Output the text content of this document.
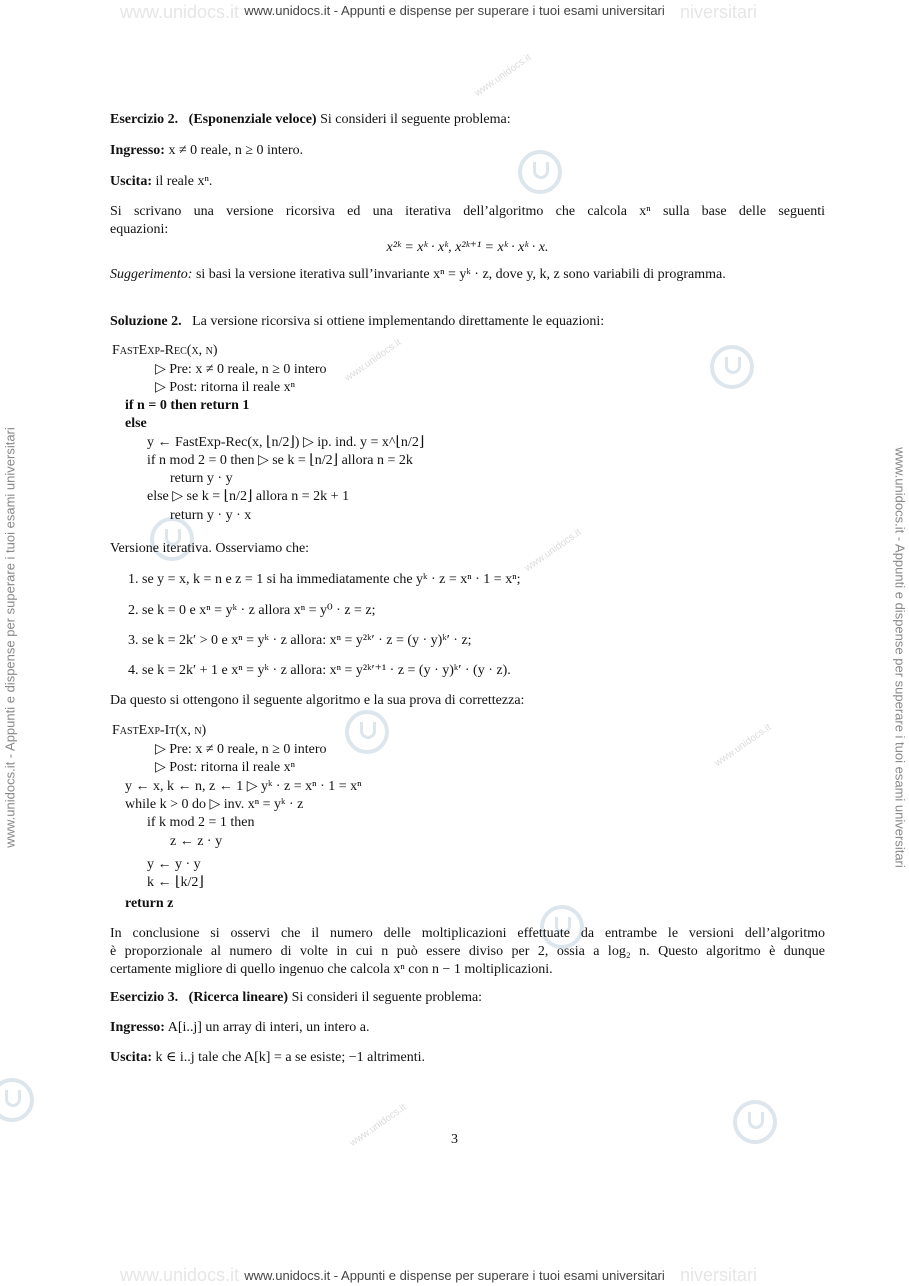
www.unidocs.it	niversitari
www.unidocs.it - Appunti e dispense per superare i tuoi esami universitari
www.unidocs.it	niversitari
www.unidocs.it - Appunti e dispense per superare i tuoi esami universitari
www.unidocs.it - Appunti e dispense per superare i tuoi esami universitari	www.unidocs.it - Appunti e dispense per superare i tuoi esami universitari
www.unidocs.it
www.unidocs.it
www.unidocs.it
www.unidocs.it
www.unidocs.it
Esercizio 2. (Esponenziale veloce) Si consideri il seguente problema:
Ingresso: x ≠ 0 reale, n ≥ 0 intero.
Uscita: il reale xⁿ.
Si scrivano una versione ricorsiva ed una iterativa dell’algoritmo che calcola xⁿ sulla base delle seguenti
equazioni:
x²ᵏ = xᵏ · xᵏ, x²ᵏ⁺¹ = xᵏ · xᵏ · x.
Suggerimento: si basi la versione iterativa sull’invariante xⁿ = yᵏ · z, dove y, k, z sono variabili di programma.
Soluzione 2. La versione ricorsiva si ottiene implementando direttamente le equazioni:
FastExp-Rec(x, n)
▷ Pre: x ≠ 0 reale, n ≥ 0 intero
▷ Post: ritorna il reale xⁿ
if n = 0 then return 1
else
y ← FastExp-Rec(x, ⌊n/2⌋) ▷ ip. ind. y = x^⌊n/2⌋
if n mod 2 = 0 then ▷ se k = ⌊n/2⌋ allora n = 2k
return y · y
else ▷ se k = ⌊n/2⌋ allora n = 2k + 1
return y · y · x
Versione iterativa. Osserviamo che:
1. se y = x, k = n e z = 1 si ha immediatamente che yᵏ · z = xⁿ · 1 = xⁿ;
2. se k = 0 e xⁿ = yᵏ · z allora xⁿ = y⁰ · z = z;
3. se k = 2k′ > 0 e xⁿ = yᵏ · z allora: xⁿ = y²ᵏ′ · z = (y · y)ᵏ′ · z;
4. se k = 2k′ + 1 e xⁿ = yᵏ · z allora: xⁿ = y²ᵏ′⁺¹ · z = (y · y)ᵏ′ · (y · z).
Da questo si ottengono il seguente algoritmo e la sua prova di correttezza:
FastExp-It(x, n)
▷ Pre: x ≠ 0 reale, n ≥ 0 intero
▷ Post: ritorna il reale xⁿ
y ← x, k ← n, z ← 1 ▷ yᵏ · z = xⁿ · 1 = xⁿ
while k > 0 do ▷ inv. xⁿ = yᵏ · z
if k mod 2 = 1 then
z ← z · y
y ← y · y
k ← ⌊k/2⌋
return z
In conclusione si osservi che il numero delle moltiplicazioni effettuate da entrambe le versioni dell’algoritmo
è proporzionale al numero di volte in cui n può essere diviso per 2, ossia a log₂ n. Questo algoritmo è dunque
certamente migliore di quello ingenuo che calcola xⁿ con n − 1 moltiplicazioni.
Esercizio 3. (Ricerca lineare) Si consideri il seguente problema:
Ingresso: A[i..j] un array di interi, un intero a.
Uscita: k ∈ i..j tale che A[k] = a se esiste; −1 altrimenti.
3
